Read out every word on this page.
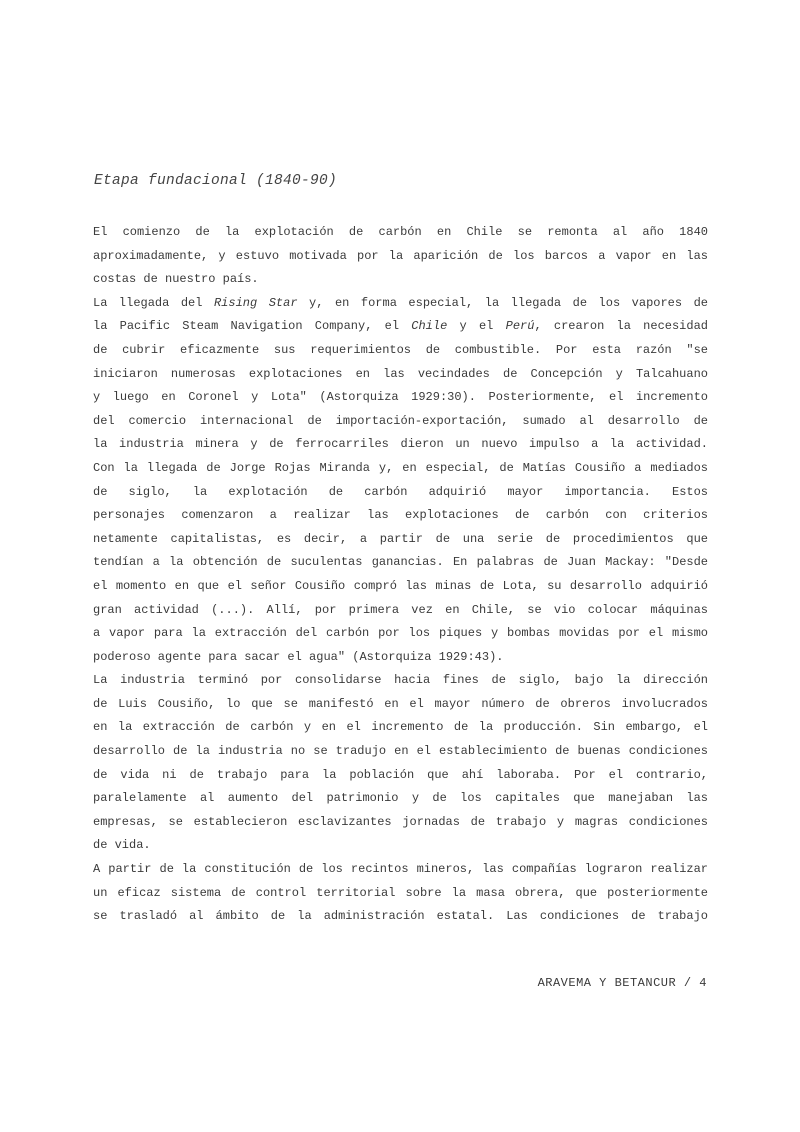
Etapa fundacional (1840-90)
El comienzo de la explotación de carbón en Chile se remonta al año 1840
aproximadamente, y estuvo motivada por la aparición de los barcos a vapor en las
costas de nuestro país.
La llegada del Rising Star y, en forma especial, la llegada de los vapores de
la Pacific Steam Navigation Company, el Chile y el Perú, crearon la necesidad
de cubrir eficazmente sus requerimientos de combustible. Por esta razón "se
iniciaron numerosas explotaciones en las vecindades de Concepción y Talcahuano
y luego en Coronel y Lota" (Astorquiza 1929:30). Posteriormente, el incremento
del comercio internacional de importación-exportación, sumado al desarrollo de
la industria minera y de ferrocarriles dieron un nuevo impulso a la actividad.
Con la llegada de Jorge Rojas Miranda y, en especial, de Matías Cousiño a mediados
de siglo, la explotación de carbón adquirió mayor importancia. Estos
personajes comenzaron a realizar las explotaciones de carbón con criterios
netamente capitalistas, es decir, a partir de una serie de procedimientos que
tendían a la obtención de suculentas ganancias. En palabras de Juan Mackay: "Desde
el momento en que el señor Cousiño compró las minas de Lota, su desarrollo adquirió
gran actividad (...). Allí, por primera vez en Chile, se vio colocar máquinas
a vapor para la extracción del carbón por los piques y bombas movidas por el mismo
poderoso agente para sacar el agua" (Astorquiza 1929:43).
La industria terminó por consolidarse hacia fines de siglo, bajo la dirección
de Luis Cousiño, lo que se manifestó en el mayor número de obreros involucrados
en la extracción de carbón y en el incremento de la producción. Sin embargo, el
desarrollo de la industria no se tradujo en el establecimiento de buenas condiciones
de vida ni de trabajo para la población que ahí laboraba. Por el contrario,
paralelamente al aumento del patrimonio y de los capitales que manejaban las
empresas, se establecieron esclavizantes jornadas de trabajo y magras condiciones
de vida.
A partir de la constitución de los recintos mineros, las compañías lograron realizar
un eficaz sistema de control territorial sobre la masa obrera, que posteriormente
se trasladó al ámbito de la administración estatal. Las condiciones de trabajo
ARAVEMA Y BETANCUR / 4
